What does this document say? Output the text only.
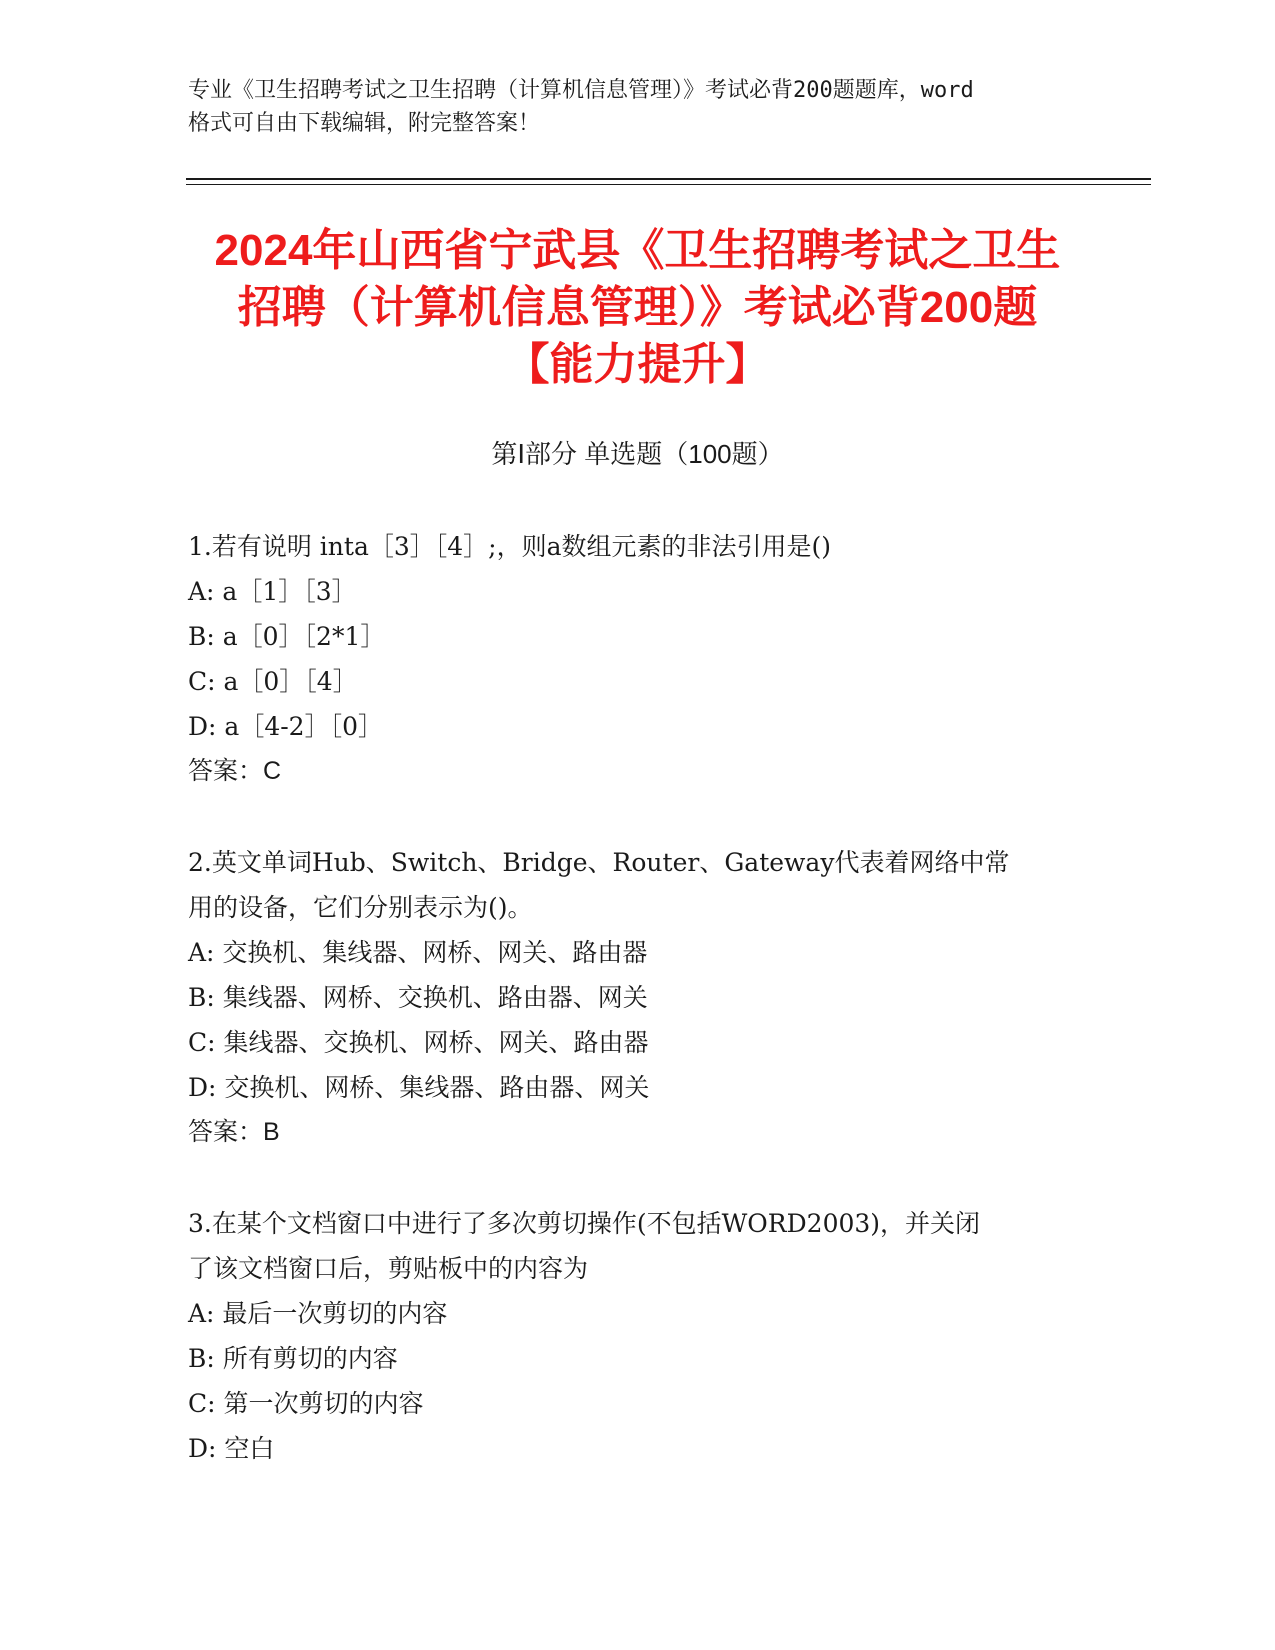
专业《卫生招聘考试之卫生招聘（计算机信息管理）》考试必背200题题库，word
格式可自由下载编辑，附完整答案！
2024年山西省宁武县《卫生招聘考试之卫生
招聘（计算机信息管理）》考试必背200题
【能力提升】
第Ⅰ部分 单选题（100题）
1.若有说明 inta［3］［4］;，则a数组元素的非法引用是()
A: a［1］［3］
B: a［0］［2*1］
C: a［0］［4］
D: a［4-2］［0］
答案：C
2.英文单词Hub、Switch、Bridge、Router、Gateway代表着网络中常
用的设备，它们分别表示为()。
A: 交换机、集线器、网桥、网关、路由器
B: 集线器、网桥、交换机、路由器、网关
C: 集线器、交换机、网桥、网关、路由器
D: 交换机、网桥、集线器、路由器、网关
答案：B
3.在某个文档窗口中进行了多次剪切操作(不包括WORD2003)，并关闭
了该文档窗口后，剪贴板中的内容为
A: 最后一次剪切的内容
B: 所有剪切的内容
C: 第一次剪切的内容
D: 空白
